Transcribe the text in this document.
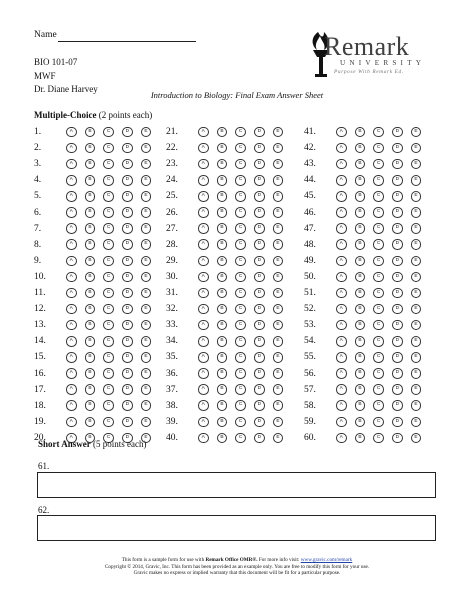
Name
BIO 101-07
MWF
Dr. Diane Harvey
Remark
UNIVERSITY
Purpose With Remark Ed.
Introduction to Biology: Final Exam Answer Sheet
Multiple-Choice (2 points each)
1.	A	B	C	D	E
2.	A	B	C	D	E
3.	A	B	C	D	E
4.	A	B	C	D	E
5.	A	B	C	D	E
6.	A	B	C	D	E
7.	A	B	C	D	E
8.	A	B	C	D	E
9.	A	B	C	D	E
10.	A	B	C	D	E
11.	A	B	C	D	E
12.	A	B	C	D	E
13.	A	B	C	D	E
14.	A	B	C	D	E
15.	A	B	C	D	E
16.	A	B	C	D	E
17.	A	B	C	D	E
18.	A	B	C	D	E
19.	A	B	C	D	E
20.	A	B	C	D	E
21.	A	B	C	D	E
22.	A	B	C	D	E
23.	A	B	C	D	E
24.	A	B	C	D	E
25.	A	B	C	D	E
26.	A	B	C	D	E
27.	A	B	C	D	E
28.	A	B	C	D	E
29.	A	B	C	D	E
30.	A	B	C	D	E
31.	A	B	C	D	E
32.	A	B	C	D	E
33.	A	B	C	D	E
34.	A	B	C	D	E
35.	A	B	C	D	E
36.	A	B	C	D	E
37.	A	B	C	D	E
38.	A	B	C	D	E
39.	A	B	C	D	E
40.	A	B	C	D	E
41.	A	B	C	D	E
42.	A	B	C	D	E
43.	A	B	C	D	E
44.	A	B	C	D	E
45.	A	B	C	D	E
46.	A	B	C	D	E
47.	A	B	C	D	E
48.	A	B	C	D	E
49.	A	B	C	D	E
50.	A	B	C	D	E
51.	A	B	C	D	E
52.	A	B	C	D	E
53.	A	B	C	D	E
54.	A	B	C	D	E
55.	A	B	C	D	E
56.	A	B	C	D	E
57.	A	B	C	D	E
58.	A	B	C	D	E
59.	A	B	C	D	E
60.	A	B	C	D	E
Short Answer (5 points each)
61.
62.
This form is a sample form for use with Remark Office OMR®. For more info visit: www.gravic.com/remark
Copyright © 2014, Gravic, Inc. This form has been provided as an example only. You are free to modify this form for your use.
Gravic makes no express or implied warranty that this document will be fit for a particular purpose.
